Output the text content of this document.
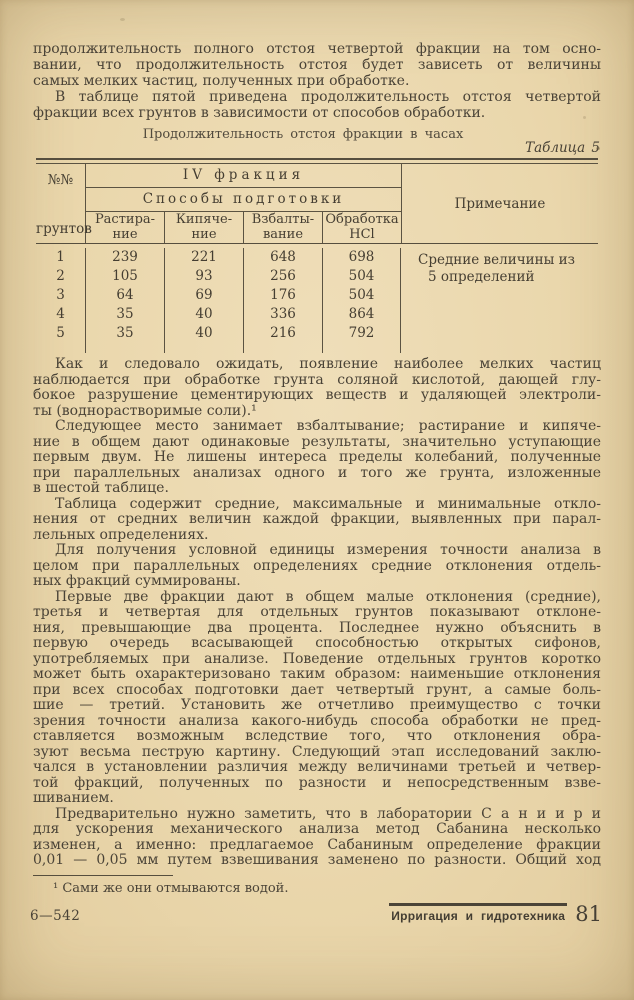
продолжительность полного отстоя четвертой фракции на том осно-
вании, что продолжительность отстоя будет зависеть от величины
самых мелких частиц, полученных при обработке.
В таблице пятой приведена продолжительность отстоя четвертой
фракции всех грунтов в зависимости от способов обработки.
Продолжительность отстоя фракции в часах
Таблица 5
№№
грунтов
IV фракция
Способы подготовки
Растира-
ние
Кипяче-
ние
Взбалты-
вание
Обработка
HCl
Примечание
1	239	221	648	698
2	105	93	256	504
3	64	69	176	504
4	35	40	336	864
5	35	40	216	792
Средние величины из
5 определений
Как и следовало ожидать, появление наиболее мелких частиц
наблюдается при обработке грунта соляной кислотой, дающей глу-
бокое разрушение цементирующих веществ и удаляющей электроли-
ты (воднорастворимые соли).¹
Следующее место занимает взбалтывание; растирание и кипяче-
ние в общем дают одинаковые результаты, значительно уступающие
первым двум. Не лишены интереса пределы колебаний, полученные
при параллельных анализах одного и того же грунта, изложенные
в шестой таблице.
Таблица содержит средние, максимальные и минимальные откло-
нения от средних величин каждой фракции, выявленных при парал-
лельных определениях.
Для получения условной единицы измерения точности анализа в
целом при параллельных определениях средние отклонения отдель-
ных фракций суммированы.
Первые две фракции дают в общем малые отклонения (средние),
третья и четвертая для отдельных грунтов показывают отклоне-
ния, превышающие два процента. Последнее нужно объяснить в
первую очередь всасывающей способностью открытых сифонов,
употребляемых при анализе. Поведение отдельных грунтов коротко
может быть охарактеризовано таким образом: наименьшие отклонения
при всех способах подготовки дает четвертый грунт, а самые боль-
шие — третий. Установить же отчетливо преимущество с точки
зрения точности анализа какого-нибудь способа обработки не пред-
ставляется возможным вследствие того, что отклонения обра-
зуют весьма пеструю картину. Следующий этап исследований заклю-
чался в установлении различия между величинами третьей и четвер-
той фракций, полученных по разности и непосредственным взве-
шиванием.
Предварительно нужно заметить, что в лаборатории С а н и и р и
для ускорения механического анализа метод Сабанина несколько
изменен, а именно: предлагаемое Сабаниным определение фракции
0,01 — 0,05 мм путем взвешивания заменено по разности. Общий ход
¹ Сами же они отмываются водой.
6—542	Ирригация и гидротехника 81
